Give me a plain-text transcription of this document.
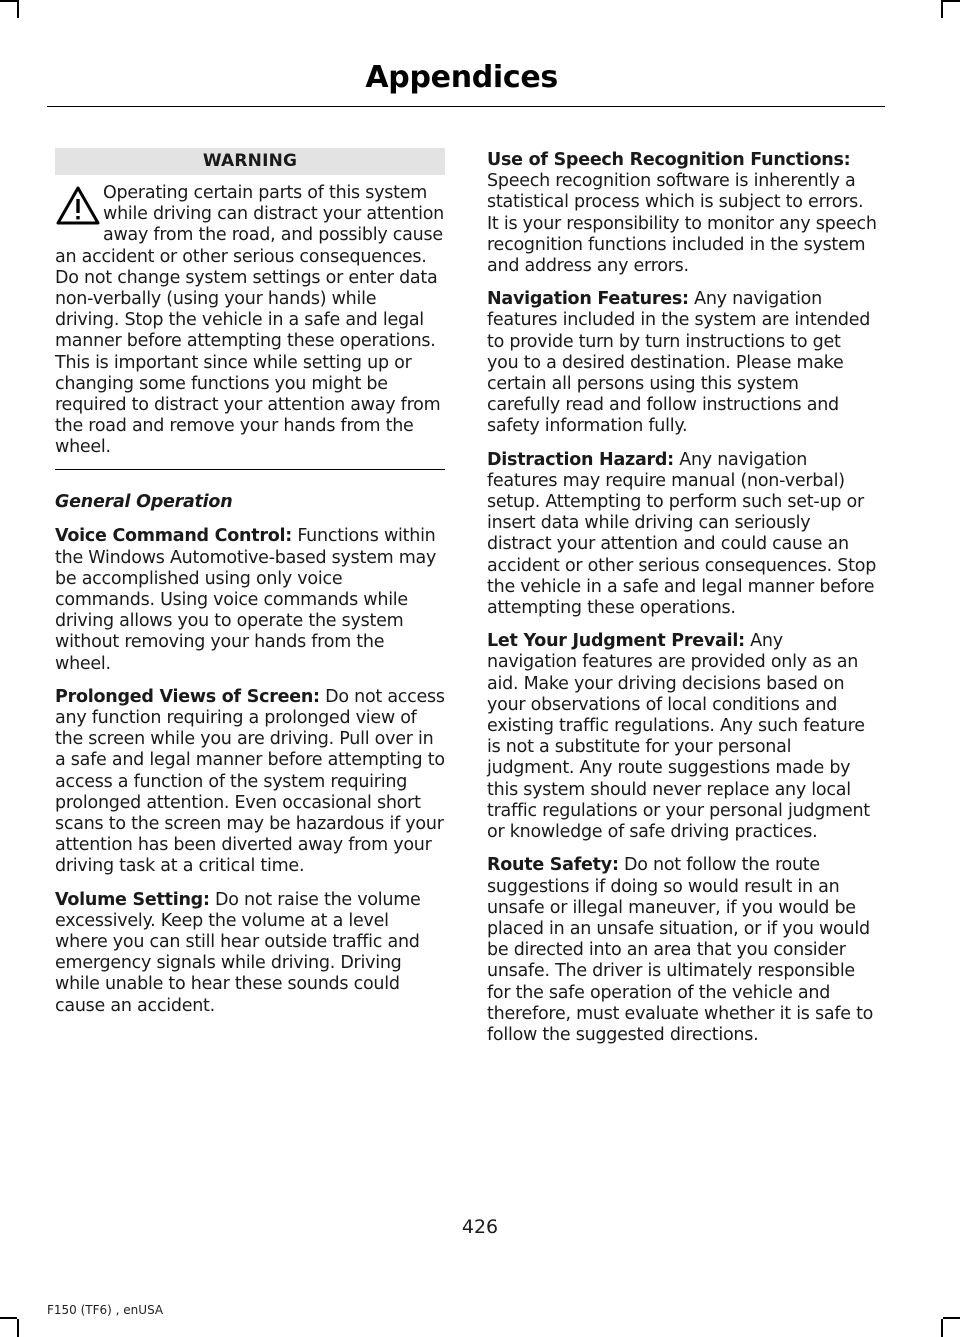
Appendices
WARNING

Operating certain parts of this system while driving can distract your attention away from the road, and possibly cause an accident or other serious consequences. Do not change system settings or enter data non-verbally (using your hands) while driving. Stop the vehicle in a safe and legal manner before attempting these operations. This is important since while setting up or changing some functions you might be required to distract your attention away from the road and remove your hands from the wheel.

General Operation

Voice Command Control: Functions within the Windows Automotive-based system may be accomplished using only voice commands. Using voice commands while driving allows you to operate the system without removing your hands from the wheel.

Prolonged Views of Screen: Do not access any function requiring a prolonged view of the screen while you are driving. Pull over in a safe and legal manner before attempting to access a function of the system requiring prolonged attention. Even occasional short scans to the screen may be hazardous if your attention has been diverted away from your driving task at a critical time.

Volume Setting: Do not raise the volume excessively. Keep the volume at a level where you can still hear outside traffic and emergency signals while driving. Driving while unable to hear these sounds could cause an accident.

Use of Speech Recognition Functions: Speech recognition software is inherently a statistical process which is subject to errors. It is your responsibility to monitor any speech recognition functions included in the system and address any errors.

Navigation Features: Any navigation features included in the system are intended to provide turn by turn instructions to get you to a desired destination. Please make certain all persons using this system carefully read and follow instructions and safety information fully.

Distraction Hazard: Any navigation features may require manual (non-verbal) setup. Attempting to perform such set-up or insert data while driving can seriously distract your attention and could cause an accident or other serious consequences. Stop the vehicle in a safe and legal manner before attempting these operations.

Let Your Judgment Prevail: Any navigation features are provided only as an aid. Make your driving decisions based on your observations of local conditions and existing traffic regulations. Any such feature is not a substitute for your personal judgment. Any route suggestions made by this system should never replace any local traffic regulations or your personal judgment or knowledge of safe driving practices.

Route Safety: Do not follow the route suggestions if doing so would result in an unsafe or illegal maneuver, if you would be placed in an unsafe situation, or if you would be directed into an area that you consider unsafe. The driver is ultimately responsible for the safe operation of the vehicle and therefore, must evaluate whether it is safe to follow the suggested directions.

426
F150 (TF6) , enUSA
